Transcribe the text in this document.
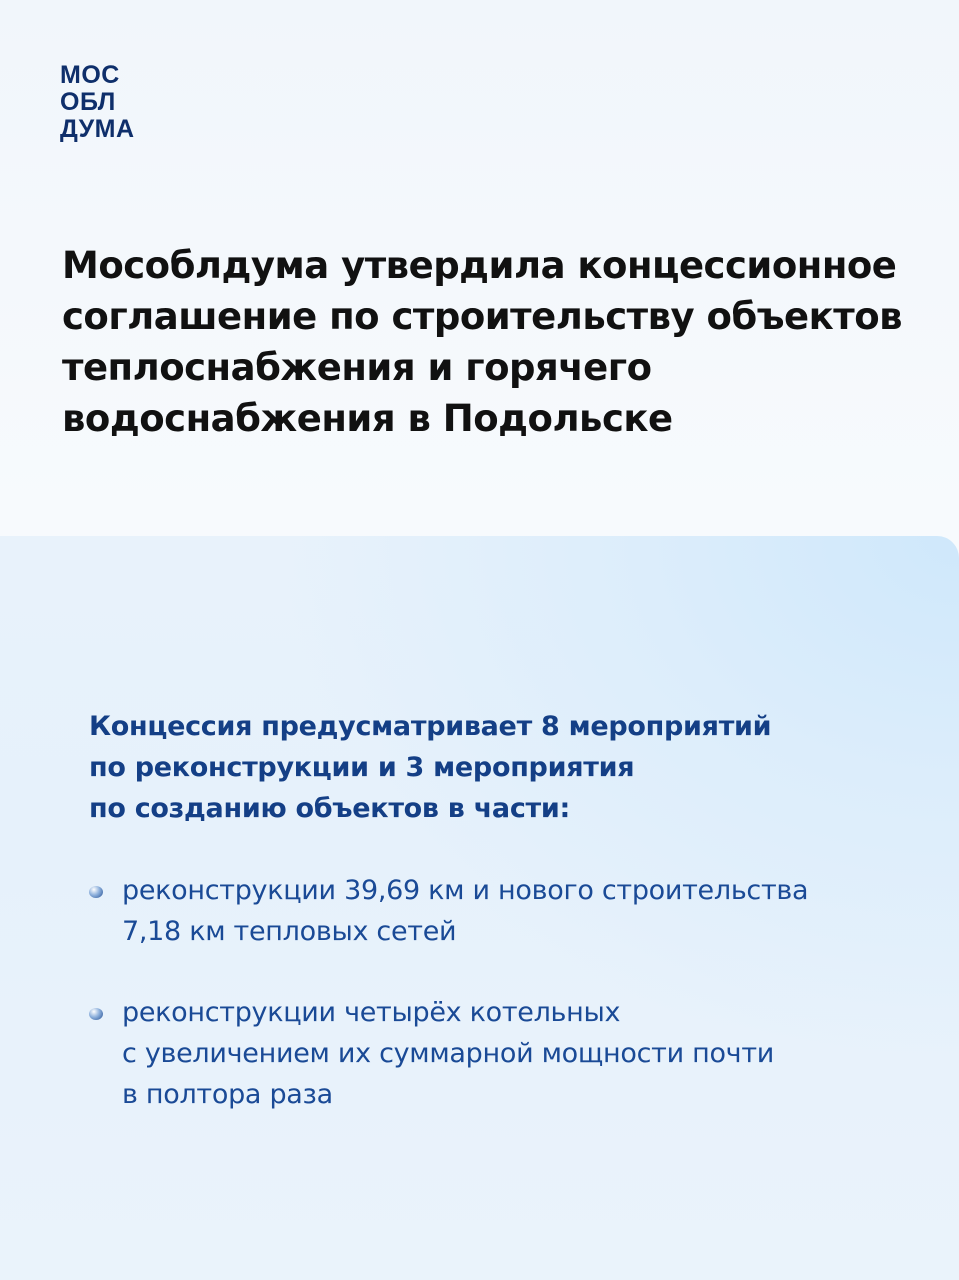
МОС
ОБЛ
ДУМА
Мособлдума утвердила концессионное
соглашение по строительству объектов
теплоснабжения и горячего
водоснабжения в Подольске

Концессия предусматривает 8 мероприятий
по реконструкции и 3 мероприятия
по созданию объектов в части:

реконструкции 39,69 км и нового строительства
7,18 км тепловых сетей
реконструкции четырёх котельных
с увеличением их суммарной мощности почти
в полтора раза
